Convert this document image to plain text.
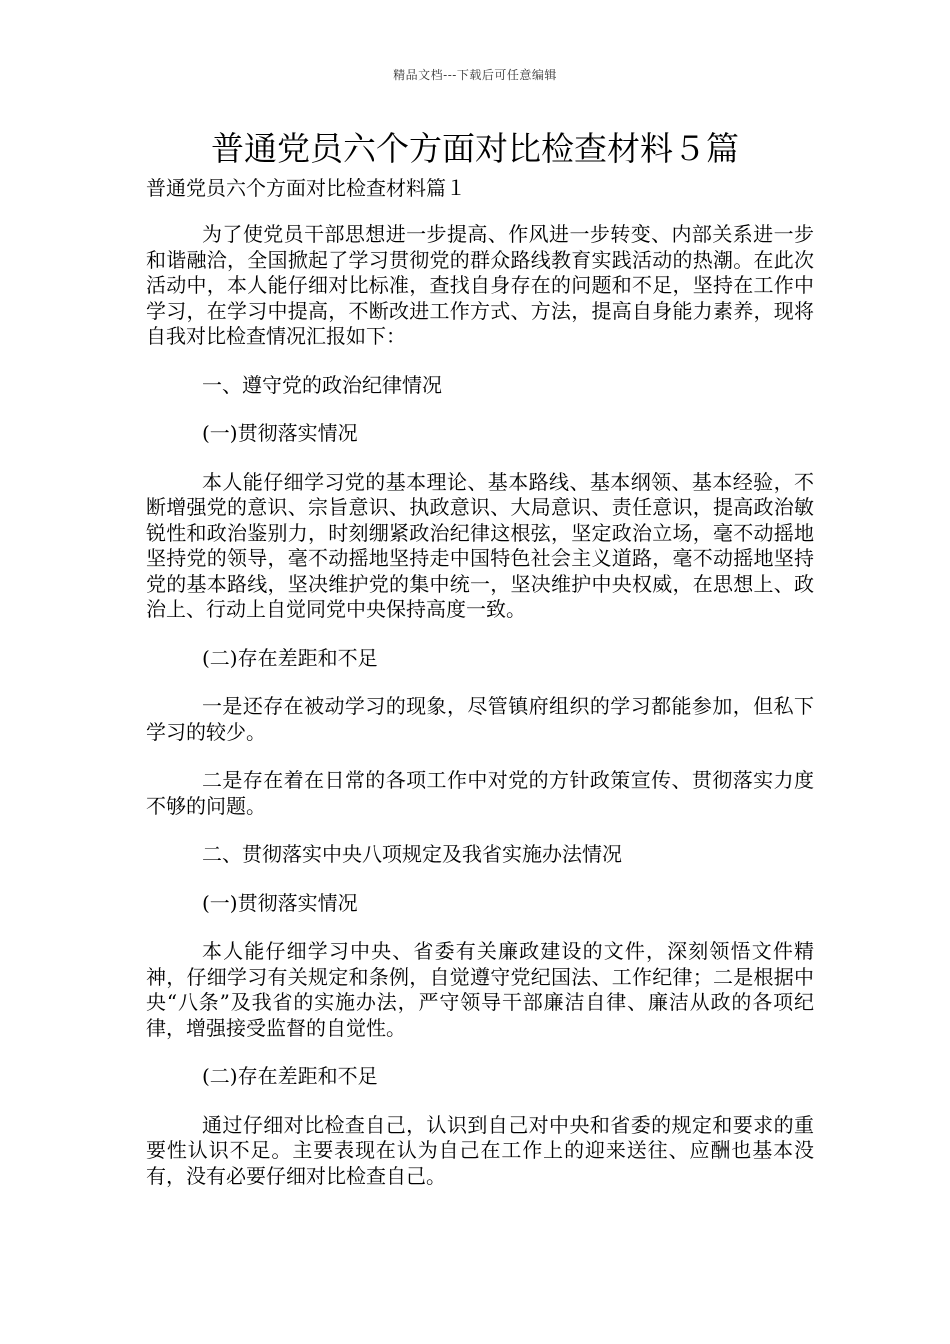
精品文档---下载后可任意编辑
普通党员六个方面对比检查材料５篇
普通党员六个方面对比检查材料篇１

为了使党员干部思想进一步提高、作风进一步转变、内部关系进一步和谐融洽，全国掀起了学习贯彻党的群众路线教育实践活动的热潮。在此次活动中，本人能仔细对比标准，查找自身存在的问题和不足，坚持在工作中学习，在学习中提高，不断改进工作方式、方法，提高自身能力素养，现将自我对比检查情况汇报如下：

一、遵守党的政治纪律情况

(一)贯彻落实情况

本人能仔细学习党的基本理论、基本路线、基本纲领、基本经验，不断增强党的意识、宗旨意识、执政意识、大局意识、责任意识，提高政治敏锐性和政治鉴别力，时刻绷紧政治纪律这根弦，坚定政治立场，毫不动摇地坚持党的领导，毫不动摇地坚持走中国特色社会主义道路，毫不动摇地坚持党的基本路线，坚决维护党的集中统一，坚决维护中央权威，在思想上、政治上、行动上自觉同党中央保持高度一致。

(二)存在差距和不足

一是还存在被动学习的现象，尽管镇府组织的学习都能参加，但私下学习的较少。

二是存在着在日常的各项工作中对党的方针政策宣传、贯彻落实力度不够的问题。

二、贯彻落实中央八项规定及我省实施办法情况

(一)贯彻落实情况

本人能仔细学习中央、省委有关廉政建设的文件，深刻领悟文件精神，仔细学习有关规定和条例，自觉遵守党纪国法、工作纪律；二是根据中央“八条”及我省的实施办法，严守领导干部廉洁自律、廉洁从政的各项纪律，增强接受监督的自觉性。

(二)存在差距和不足

通过仔细对比检查自己，认识到自己对中央和省委的规定和要求的重要性认识不足。主要表现在认为自己在工作上的迎来送往、应酬也基本没有，没有必要仔细对比检查自己。
